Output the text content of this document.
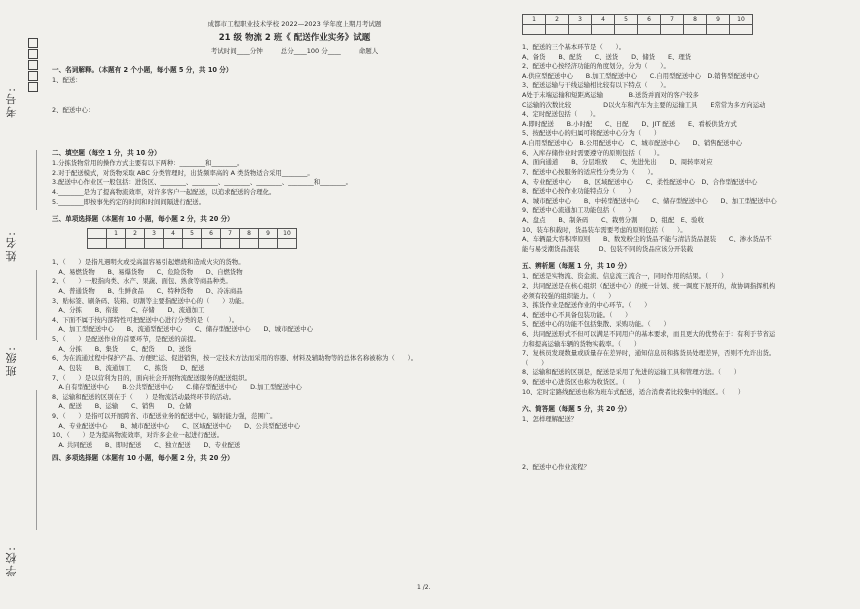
考号:
姓名:
班级:
学校:
成都市工程职业技术学校 2022—2023 学年度上期月考试题
21 级 物流 2 班《 配送作业实务》试题
考试时间____分钟	总分____100 分____	命题人
一、名词解释。（本题有 2 个小题，每小题 5 分，共 10 分）
1、配送：
2、配送中心：
二、填空题（每空 1 分，共 10 分）
1.分拣货物常用的操作方式主要有以下两种：________和________。
2.对于配送模式，对货物采取 ABC 分类管理时，出货频率高的 A 类货物适合采用________。
3.配送中心作业区一般包括：进货区、________、________、________、________、________和________。
4.________是为了提高物流效率，对许多客户一起配送，以追求配送的合理化。
5.________即按事先约定的时间和时间间隔进行配送。
三、单项选择题（本题有 10 小题，每小题 2 分，共 20 分）
	1	2	3	4	5	6	7	8	9	10

1、（　　）是指凡遇明火或受高温容易引起燃烧和造成火灾的货物。
　A、易燃货物　　B、易爆货物　　C、危险货物　　D、自燃货物
2、（　　）一般指肉类、水产、果蔬、面包、熟食等商品种类。
　A、普通货物　　B、生鲜食品　　C、特种货物　　D、冷冻商品
3、贴标签、刷条码、装箱、切割等主要指配送中心的（　　）功能。
　A、分拣　　B、衔接　　C、存储　　D、流通加工
4、下面不属于按内部特性可把配送中心进行分类的是（　　　）。
　A、加工型配送中心　　B、流通型配送中心　　C、储存型配送中心　　D、城市配送中心
5、（　　）是配送作业的首要环节，是配送的前提。
　A、分拣　　B、集货　　C、配货　　D、送货
6、为在流通过程中保护产品、方便贮运、促进销售，按一定技术方法而采用的容器、材料及辅助物等的总体名称被称为（　　）。
　A、包装　　B、流通加工　　C、拣货　　D、配送
7、（　　）是以营利为目的，面向社会开展物流配送服务的配送组织。
　A.自有型配送中心　　B.公共型配送中心　　C.储存型配送中心　　D.加工型配送中心
8、运输和配送的区别在于（　　）是物流活动最终环节的活动。
　A、配送　　B、运输　　C、销售　　D、仓储
9、（　　）是指可以开展跨省、市配送业务的配送中心，辐射能力强，范围广。
　A、专业配送中心　　B、城市配送中心　　C、区域配送中心　　D、公共型配送中心
10、（　　）是为提高物流效率，对许多企业一起进行配送。
　A. 共同配送　　B、即时配送　　C、独立配送　　D、专业配送
四、多项选择题（本题有 10 小题，每小题 2 分，共 20 分）
1	2	3	4	5	6	7	8	9	10

1、配送的三个基本环节是（　　）。
A、备货　　B、配货　　C、送货　　D、储货　　E、理货
2、配送中心按经济功能的角度划分，分为（　　）。
A.供应型配送中心　　B.加工型配送中心　　C.自用型配送中心　D.销售型配送中心
3、配送运输与干线运输相比较有以下特点（　　）。
A处于末端运输和短距离运输　　　　B.送货并面对的客户较多
C运输的次数比较　　　　　D以火车和汽车为主要的运输工具　　E常常为多方向运动
4、定时配送包括（　　）。
A.即时配送　　B.小时配　　C、日配　　D、JIT 配送　　E、看板供货方式
5、按配送中心的归属可将配送中心分为（　　）
A.自用型配送中心　B.公用配送中心　C、城市配送中心　　D、销售配送中心
6、入库存储作业时需要遵守的原则包括（　　）。
A、面向通道　　B、分层堆放　　C、先进先出　　D、周转率对应
7、配送中心按服务的适应性分类分为（　　）。
A、专业配送中心　　B、区域配送中心　　C、柔性配送中心　D、合作型配送中心
8、配送中心按作业功能特点分（　　）
A、城市配送中心　　B、中转型配送中心　　C、储存型配送中心　　D、加工型配送中心
9、配送中心流通加工功能包括（　　）
A、盘点　　B、制条码　　C、栽剪分割　　D、组配　E、验收
10、装车积载时，货品装车需要考虑的原则包括（　　）。
A、车辆最大容积率原则　　B、数发粉尘的货品不能与清洁货品混装　　C、渗水货品不
能与易受潮货品混装　　　D、包装不同的货品应该分开装载
五、辨析题（每题 1 分，共 10 分）
1、配送是实物流、资金流、信息流三流合一，同时作用的结果。（　　）
2、共同配送是在核心组织（配送中心）的统一计划、统一调度下展开的，故协调指挥机构
必须有较强的组织能力。（　　）
3、拣货作业是配送作业的中心环节。（　　）
4、配送中心不具备包装功能。（　　）
5、配送中心的功能不包括集散、采购功能。（　　）
6、共同配送形式不但可以满足不同用户的基本要求，而且更大的优势在于：有利于节省运
力和提高运输车辆的货物实载率。（　　）
7、复核员发现数量或质量存在差异时，通知信息员和拣货员处理差异，否则不允许出货。
（　　）
8、运输和配送的区别是，配送是采用了先进的运输工具和管理方法。（　　）
9、配送中心进货区也称为收货区。（　　）
10、定时定路线配送也称为班车式配送，适合消费者比较集中的地区。（　　）
六、简答题（每题 5 分，共 20 分）
1、怎样理解配送？
2、配送中心作业流程？
1 /2.
